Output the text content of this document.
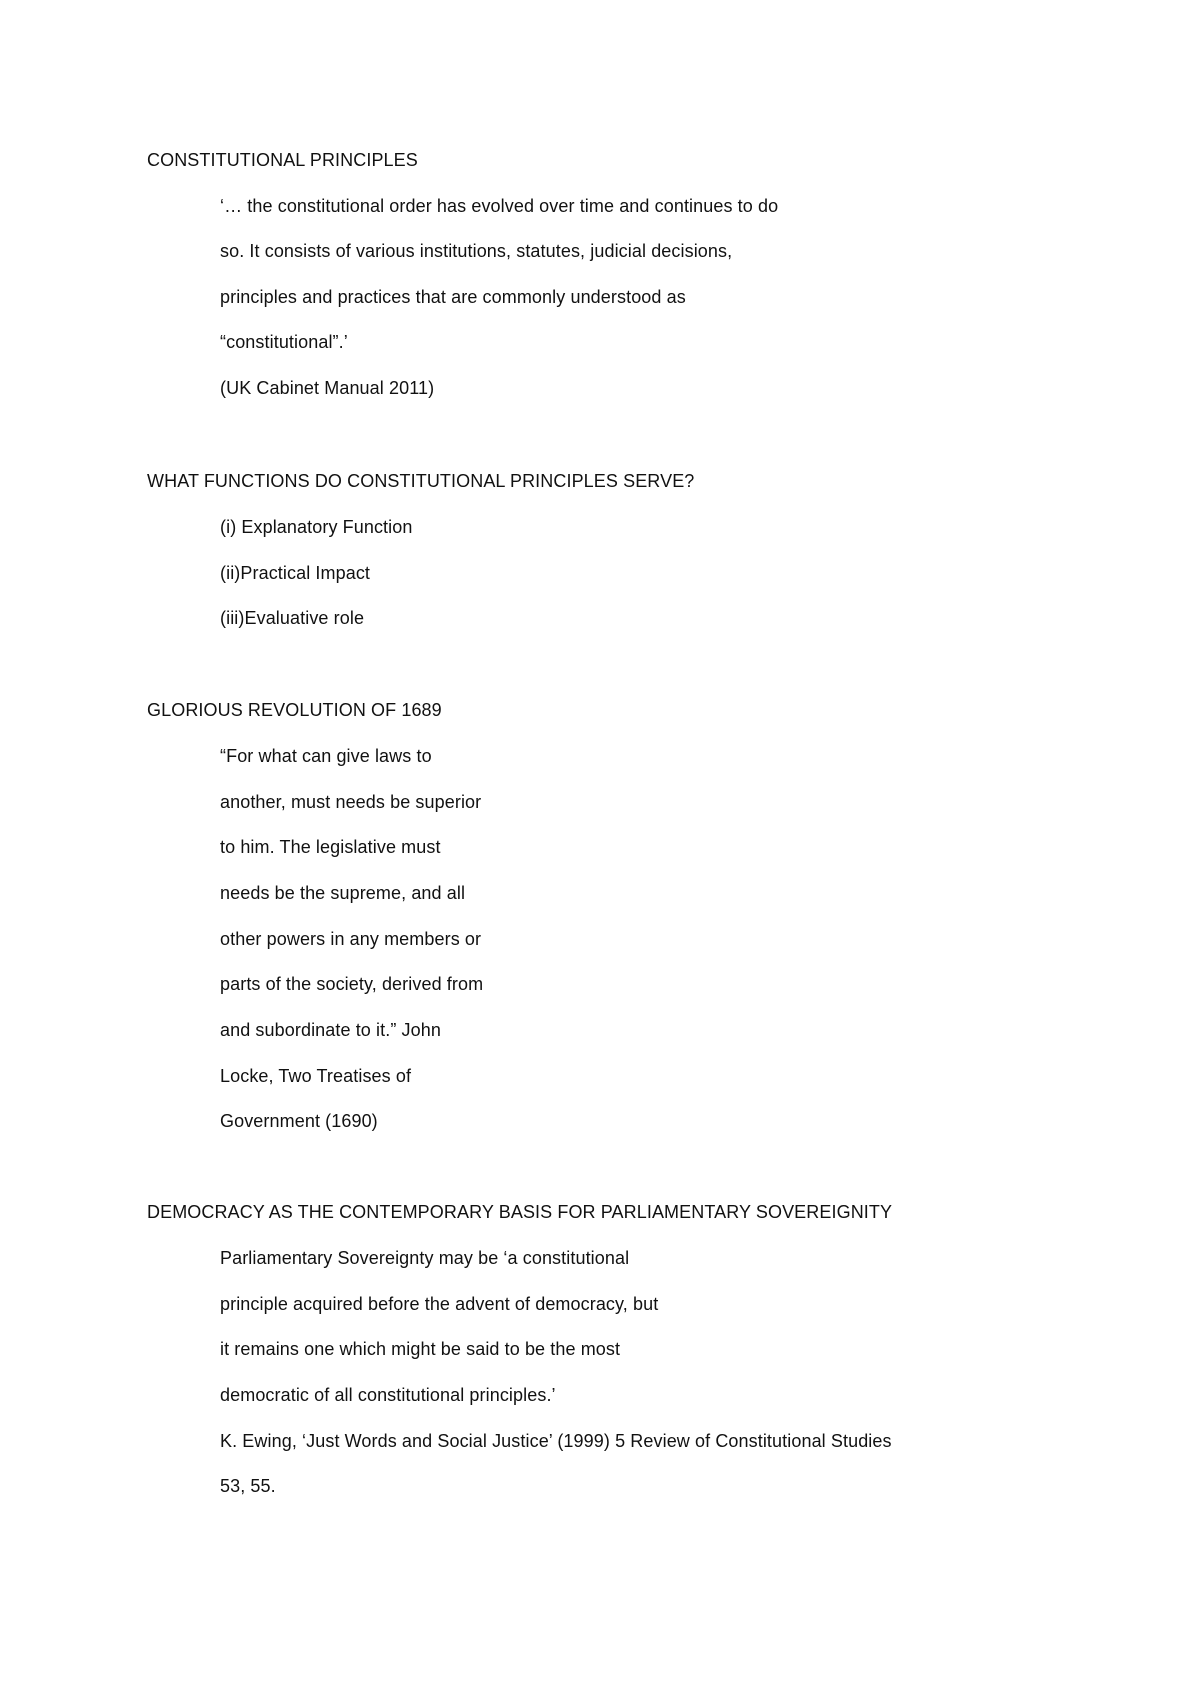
CONSTITUTIONAL PRINCIPLES
‘… the constitutional order has evolved over time and continues to do
so. It consists of various institutions, statutes, judicial decisions,
principles and practices that are commonly understood as
“constitutional”.’
(UK Cabinet Manual 2011)
WHAT FUNCTIONS DO CONSTITUTIONAL PRINCIPLES SERVE?
(i) Explanatory Function
(ii)Practical Impact
(iii)Evaluative role
GLORIOUS REVOLUTION OF 1689
“For what can give laws to
another, must needs be superior
to him. The legislative must
needs be the supreme, and all
other powers in any members or
parts of the society, derived from
and subordinate to it.” John
Locke, Two Treatises of
Government (1690)
DEMOCRACY AS THE CONTEMPORARY BASIS FOR PARLIAMENTARY SOVEREIGNITY
Parliamentary Sovereignty may be ‘a constitutional
principle acquired before the advent of democracy, but
it remains one which might be said to be the most
democratic of all constitutional principles.’
K. Ewing, ‘Just Words and Social Justice’ (1999) 5 Review of Constitutional Studies
53, 55.
